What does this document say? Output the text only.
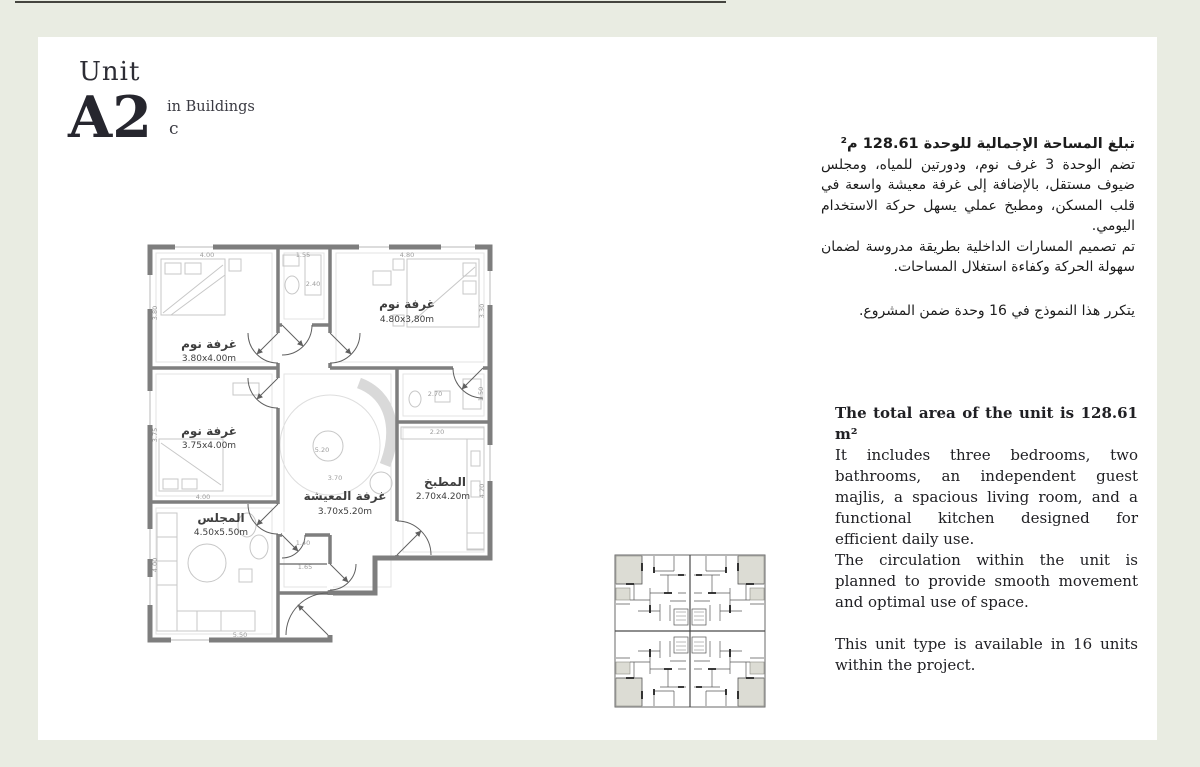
Unit
A2 in Buildings
c

تبلغ المساحة الإجمالية للوحدة 128.61 م²

تضم الوحدة 3 غرف نوم، ودورتين للمياه، ومجلس ضيوف مستقل، بالإضافة إلى غرفة معيشة واسعة في قلب المسكن، ومطبخ عملي يسهل حركة الاستخدام اليومي.

تم تصميم المسارات الداخلية بطريقة مدروسة لضمان سهولة الحركة وكفاءة استغلال المساحات.

يتكرر هذا النموذج في 16 وحدة ضمن المشروع.

The total area of the unit is 128.61 m²

It includes three bedrooms, two bathrooms, an independent guest majlis, a spacious living room, and a functional kitchen designed for efficient daily use.

The circulation within the unit is planned to provide smooth movement and optimal use of space.

This unit type is available in 16 units within the project.

4.00	1.55	4.80
3.80
2.40
3.30
3.75
4.00
5.20
3.70
2.70	1.50
2.20
4.20
1.40
1.65
4.00
5.50
غرفة نوم
3.80x4.00m
غرفة نوم
4.80x3.80m
غرفة نوم
3.75x4.00m
غرفة المعيشة
3.70x5.20m
المجلس
4.50x5.50m
المطبخ
2.70x4.20m
